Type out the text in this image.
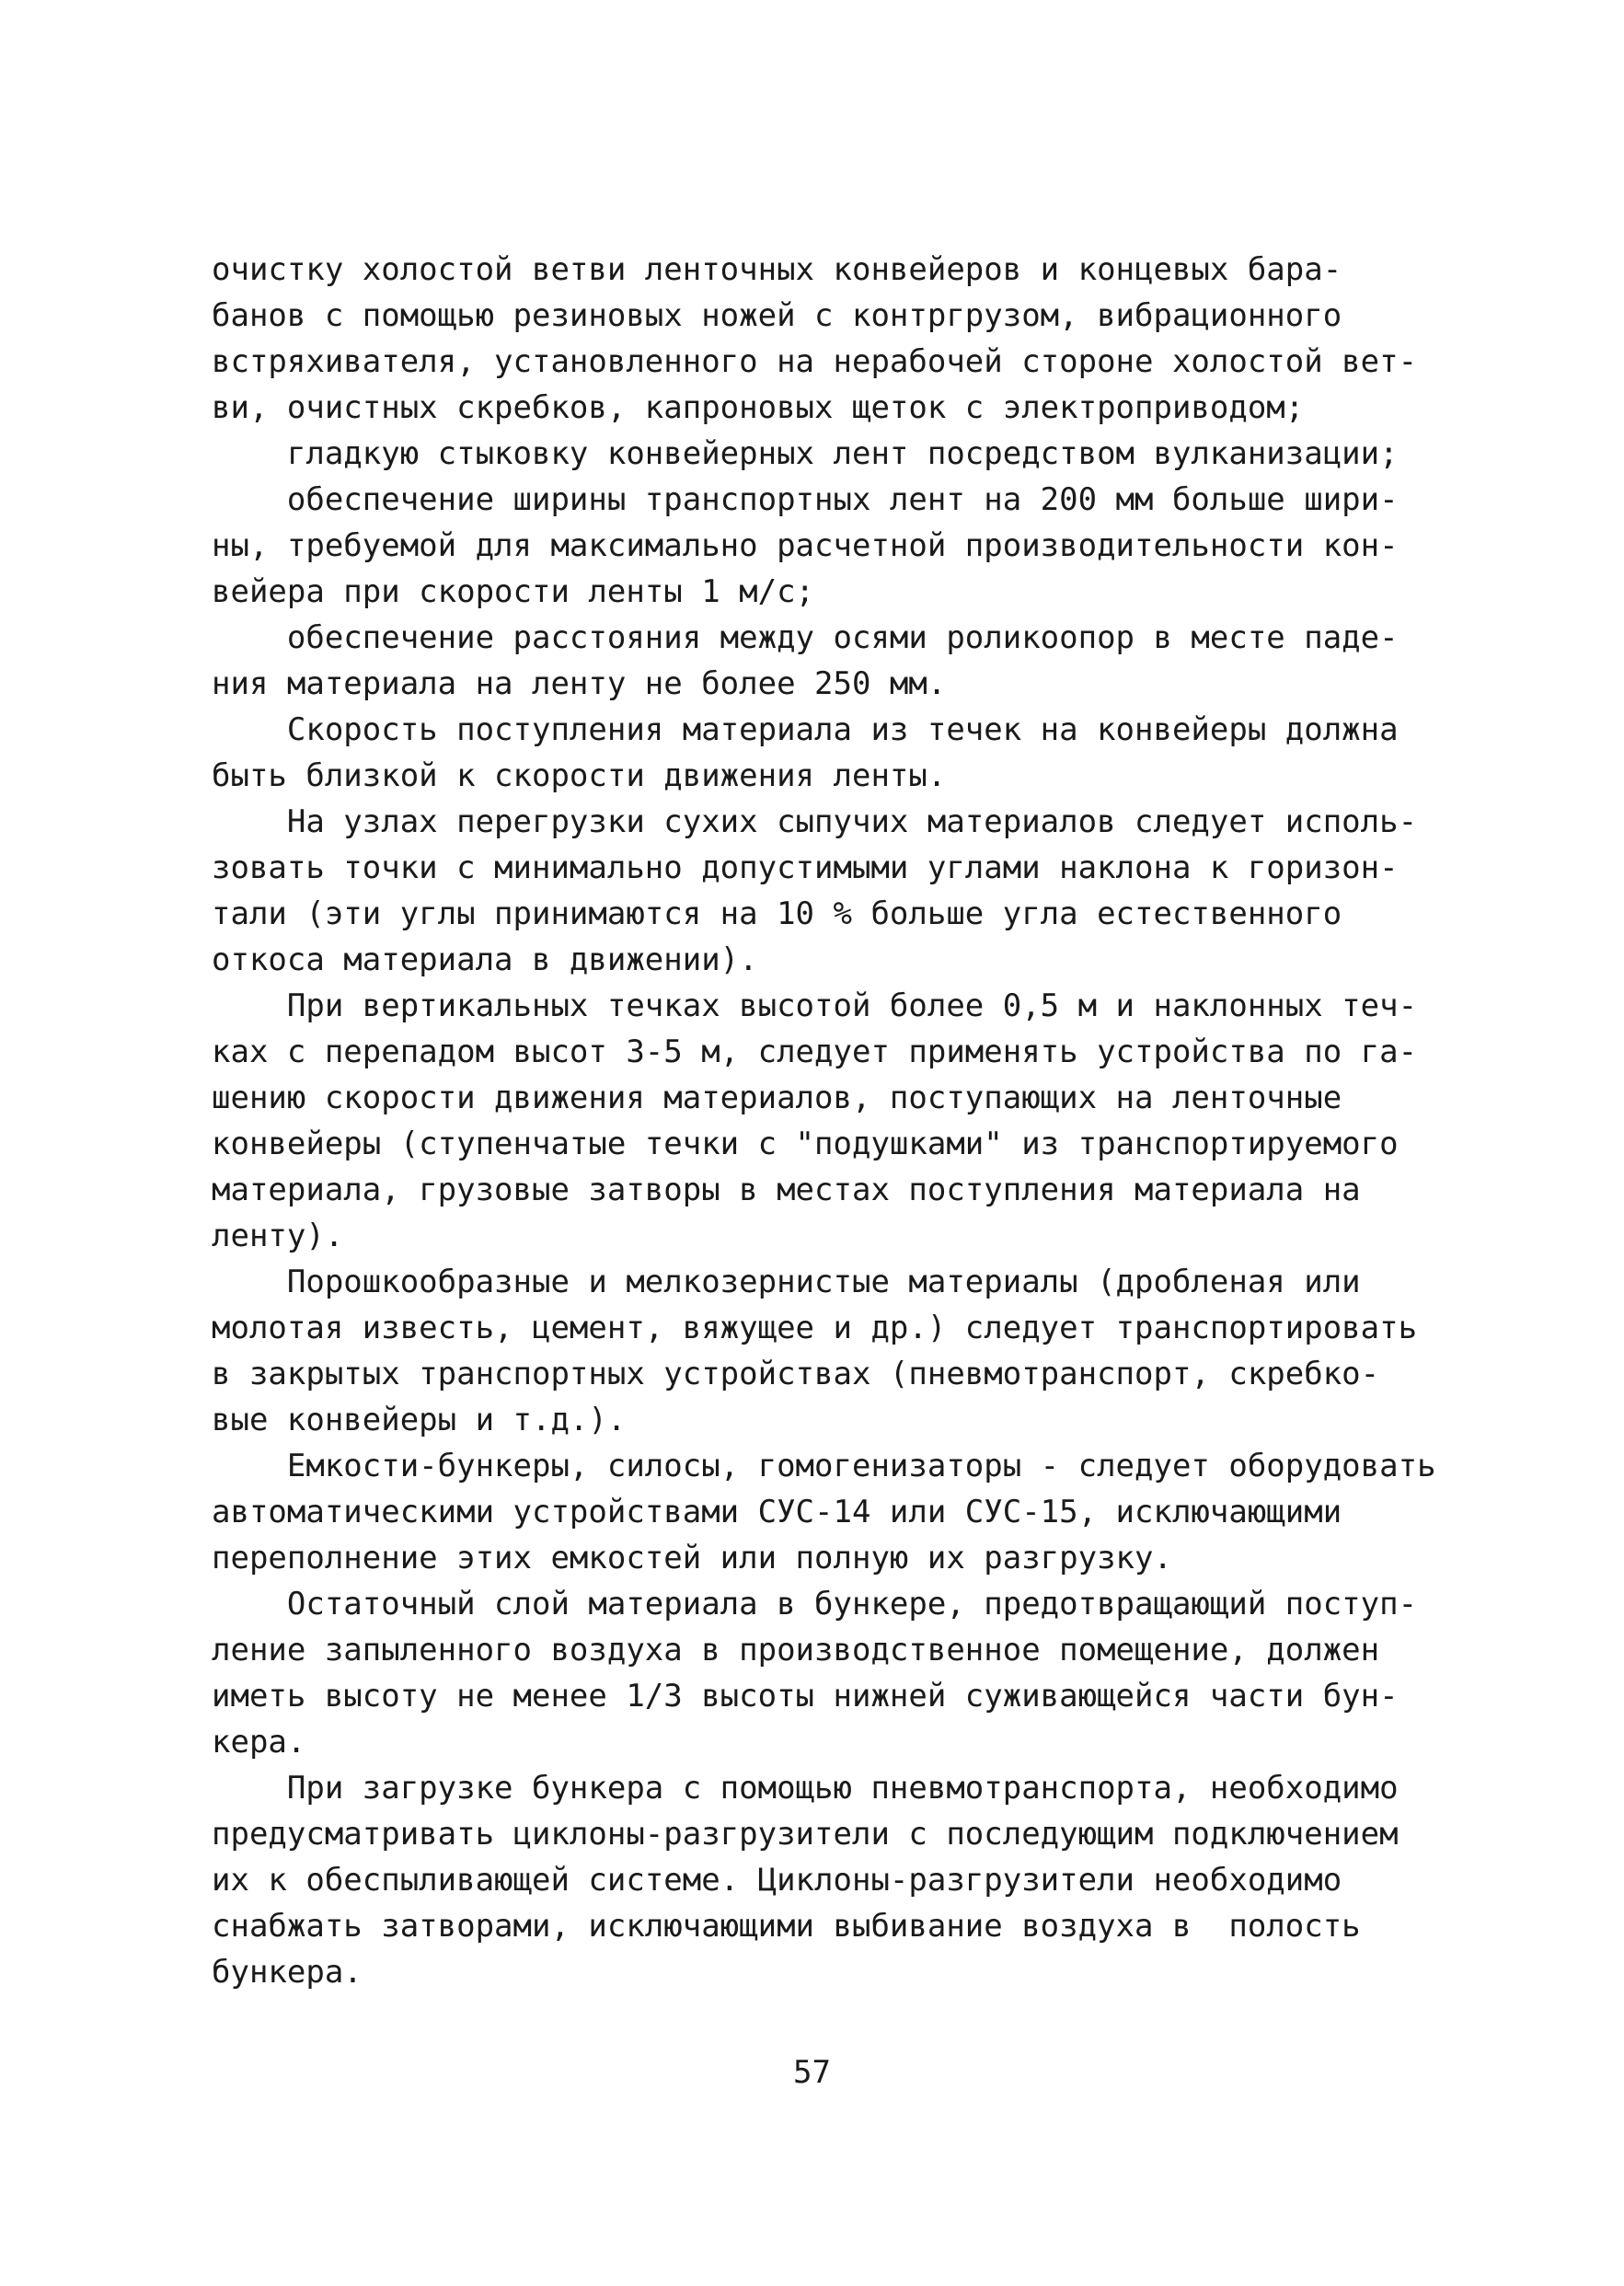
очистку холостой ветви ленточных конвейеров и концевых бара-
банов с помощью резиновых ножей с контргрузом, вибрационного
встряхивателя, установленного на нерабочей стороне холостой вет-
ви, очистных скребков, капроновых щеток с электроприводом;
гладкую стыковку конвейерных лент посредством вулканизации;
обеспечение ширины транспортных лент на 200 мм больше шири-
ны, требуемой для максимально расчетной производительности кон-
вейера при скорости ленты 1 м/с;
обеспечение расстояния между осями роликоопор в месте паде-
ния материала на ленту не более 250 мм.
Скорость поступления материала из течек на конвейеры должна
быть близкой к скорости движения ленты.
На узлах перегрузки сухих сыпучих материалов следует исполь-
зовать точки с минимально допустимыми углами наклона к горизон-
тали (эти углы принимаются на 10 % больше угла естественного
откоса материала в движении).
При вертикальных течках высотой более 0,5 м и наклонных теч-
ках с перепадом высот 3-5 м, следует применять устройства по га-
шению скорости движения материалов, поступающих на ленточные
конвейеры (ступенчатые течки с "подушками" из транспортируемого
материала, грузовые затворы в местах поступления материала на
ленту).
Порошкообразные и мелкозернистые материалы (дробленая или
молотая известь, цемент, вяжущее и др.) следует транспортировать
в закрытых транспортных устройствах (пневмотранспорт, скребко-
вые конвейеры и т.д.).
Емкости-бункеры, силосы, гомогенизаторы - следует оборудовать
автоматическими устройствами СУС-14 или СУС-15, исключающими
переполнение этих емкостей или полную их разгрузку.
Остаточный слой материала в бункере, предотвращающий поступ-
ление запыленного воздуха в производственное помещение, должен
иметь высоту не менее 1/3 высоты нижней суживающейся части бун-
кера.
При загрузке бункера с помощью пневмотранспорта, необходимо
предусматривать циклоны-разгрузители с последующим подключением
их к обеспыливающей системе. Циклоны-разгрузители необходимо
снабжать затворами, исключающими выбивание воздуха в  полость
бункера.
57
